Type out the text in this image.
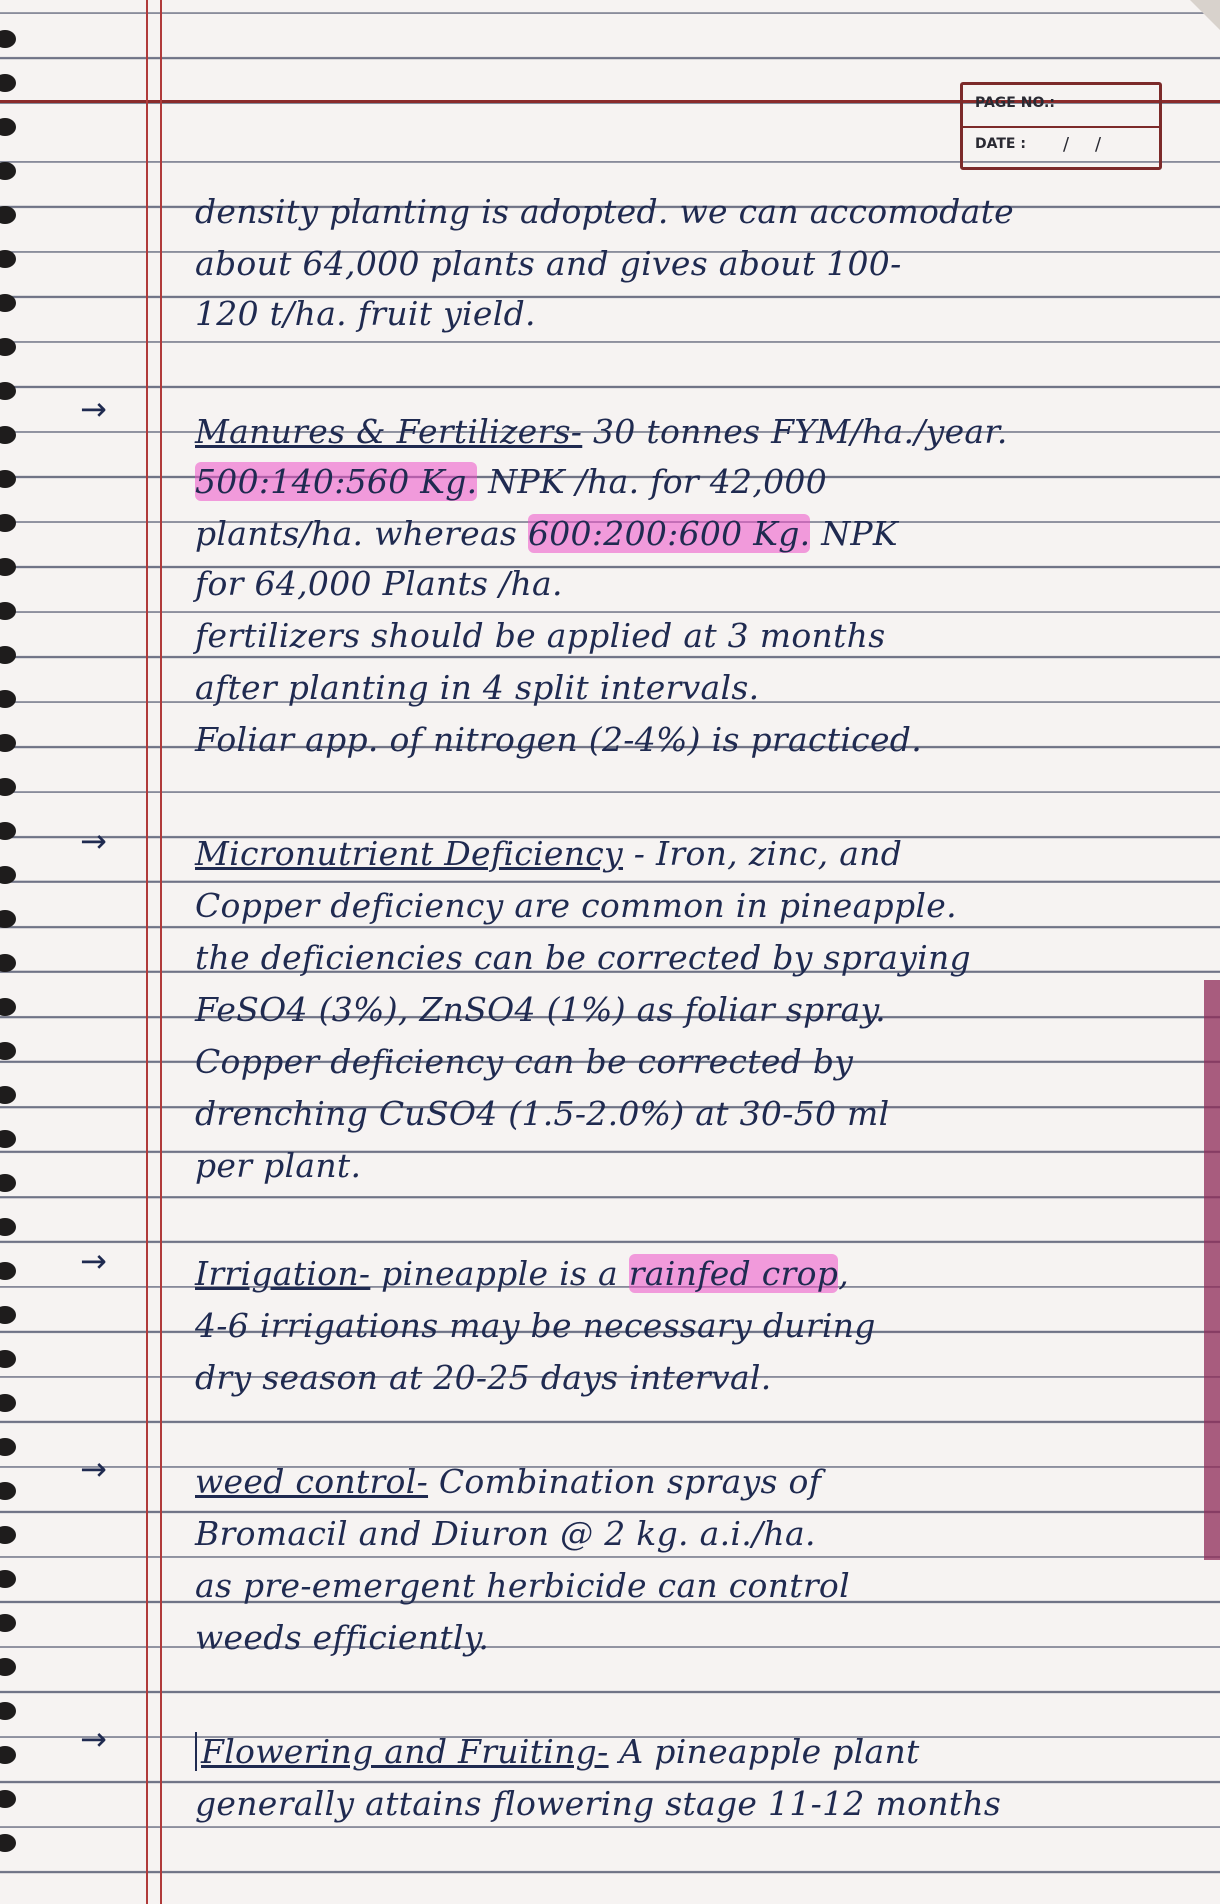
PAGE NO.:
DATE : / /
density planting is adopted. we can accomodate
about 64,000 plants and gives about 100-
120 t/ha. fruit yield.
→
Manures & Fertilizers- 30 tonnes FYM/ha./year.
500:140:560 Kg. NPK /ha. for 42,000
plants/ha. whereas 600:200:600 Kg. NPK
for 64,000 Plants /ha.
fertilizers should be applied at 3 months
after planting in 4 split intervals.
Foliar app. of nitrogen (2-4%) is practiced.
→	Micronutrient Deficiency - Iron, zinc, and
Copper deficiency are common in pineapple.
the deficiencies can be corrected by spraying
FeSO4 (3%), ZnSO4 (1%) as foliar spray.
Copper deficiency can be corrected by
drenching CuSO4 (1.5-2.0%) at 30-50 ml
per plant.
→	Irrigation- pineapple is a rainfed crop,
4-6 irrigations may be necessary during
dry season at 20-25 days interval.
→	weed control- Combination sprays of
Bromacil and Diuron @ 2 kg. a.i./ha.
as pre-emergent herbicide can control
weeds efficiently.
→	Flowering and Fruiting- A pineapple plant
generally attains flowering stage 11-12 months
